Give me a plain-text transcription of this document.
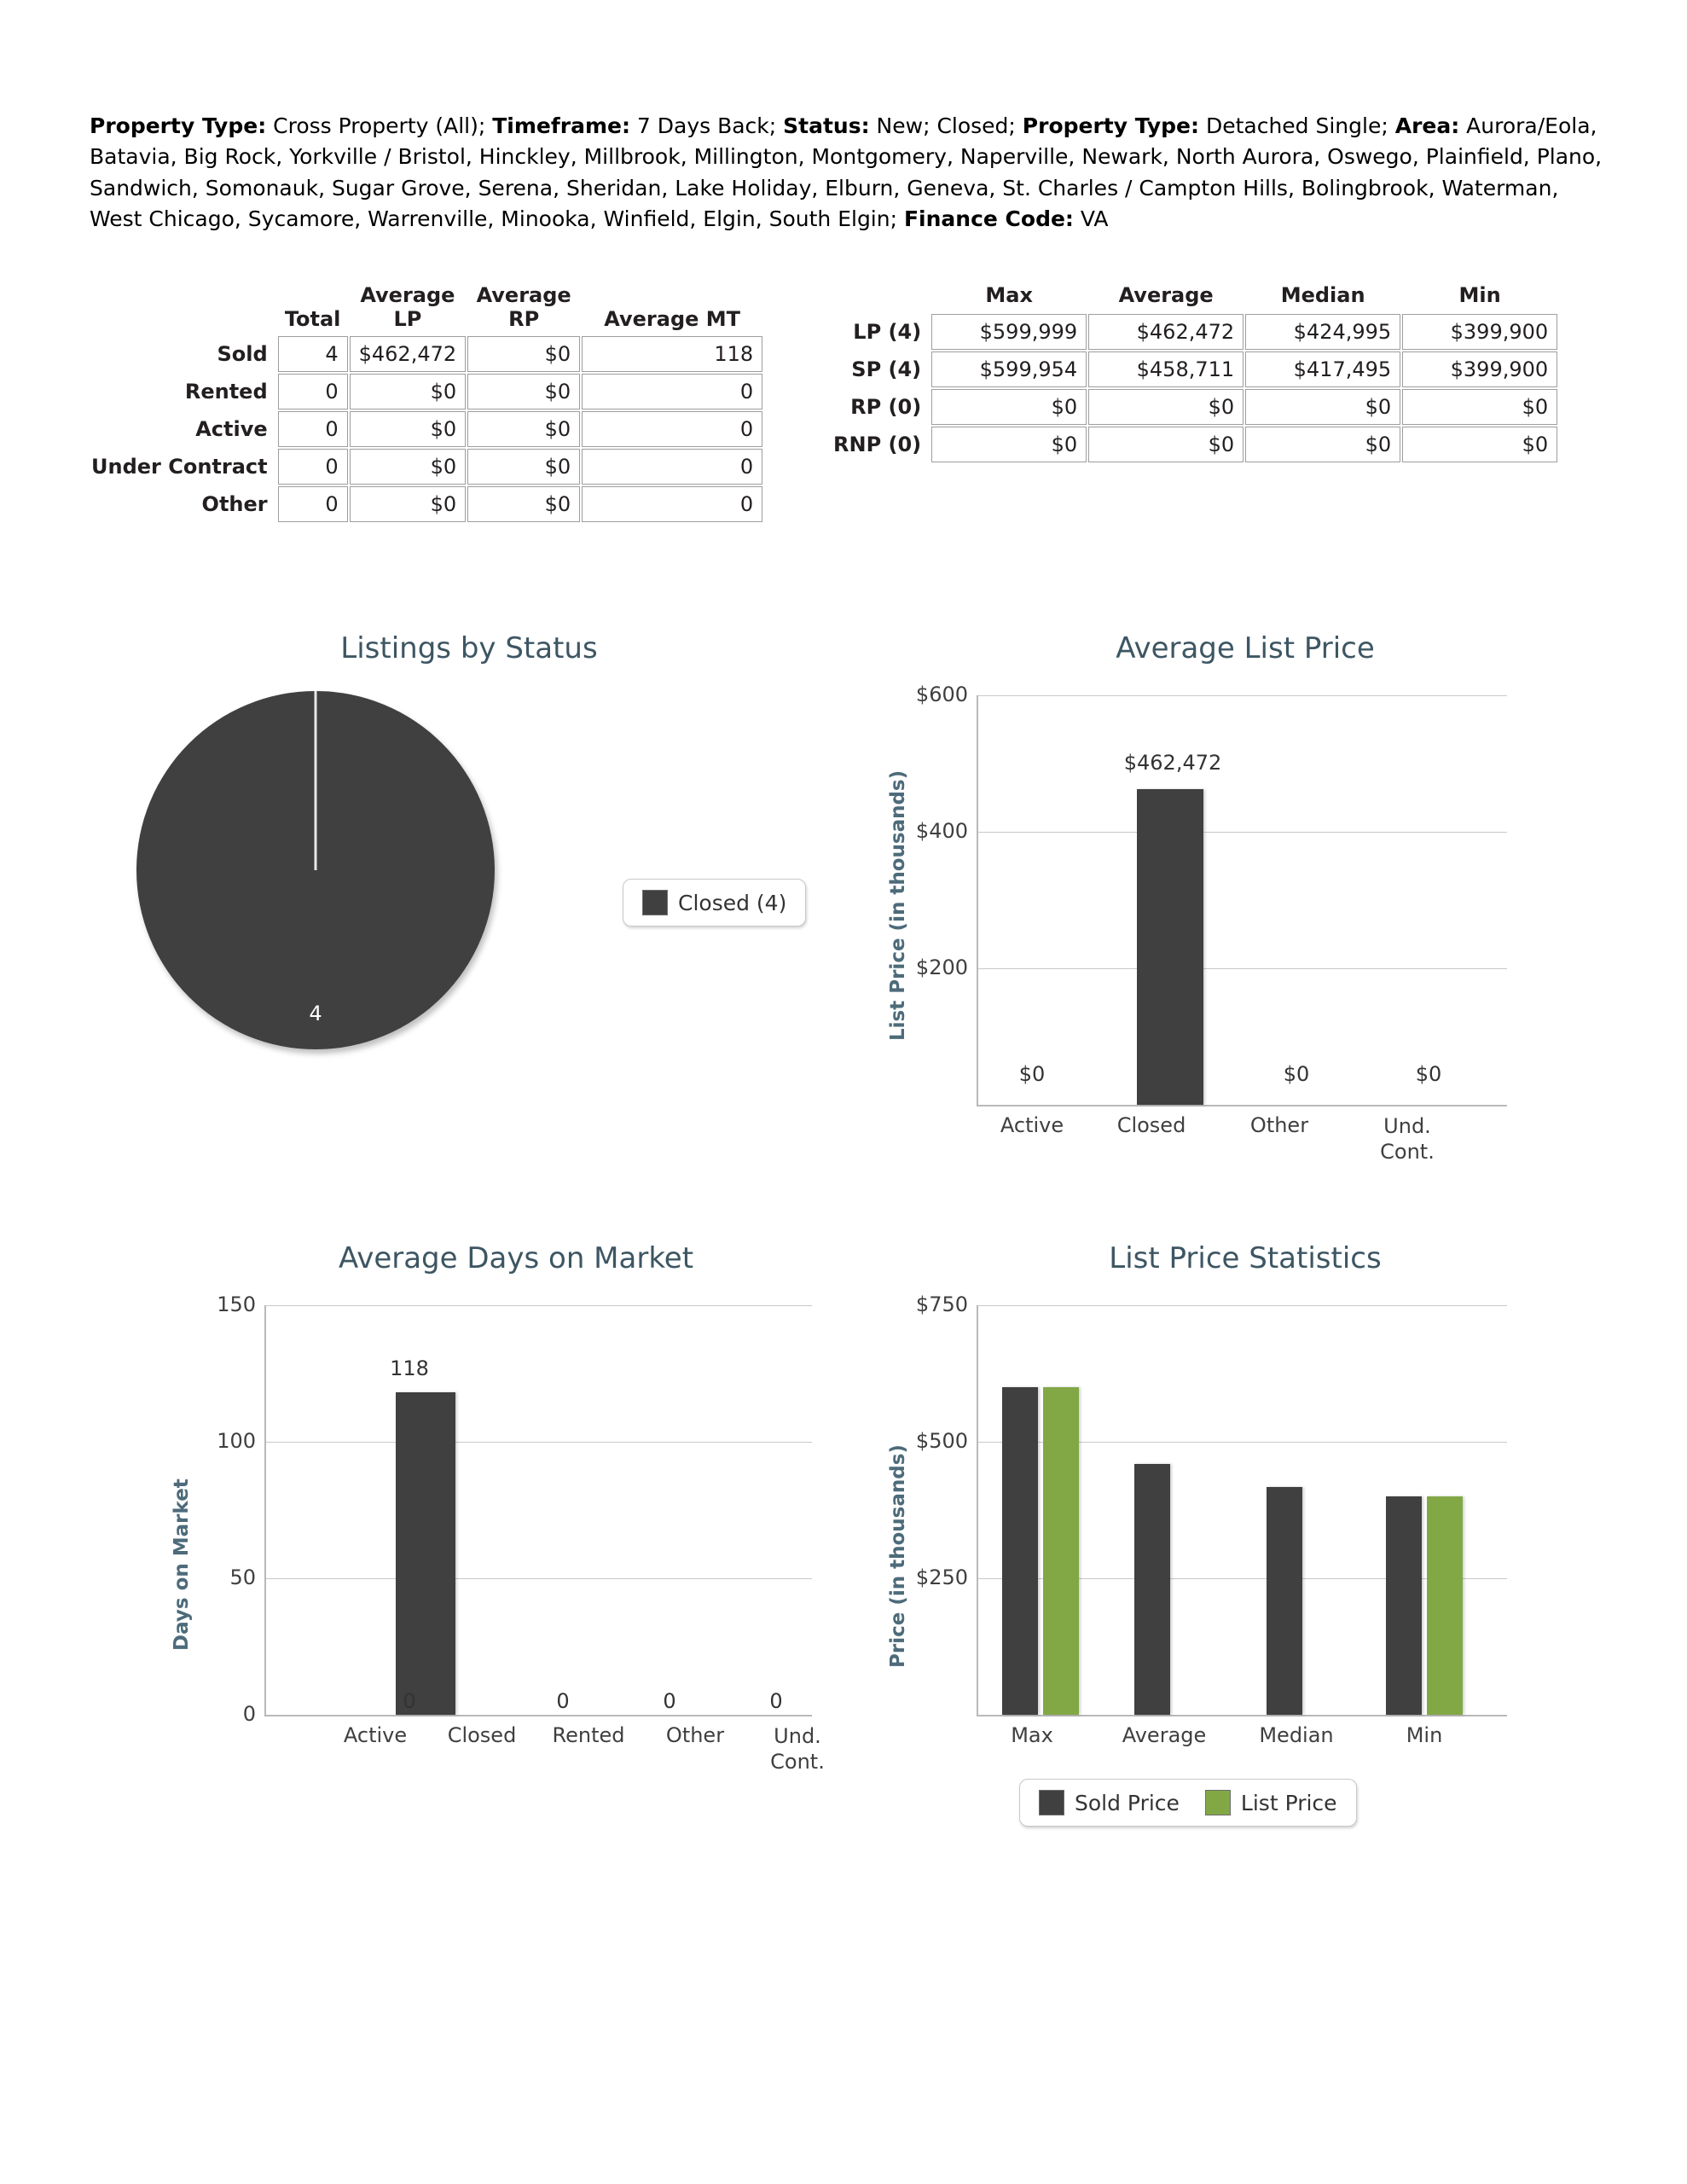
Property Type: Cross Property (All); Timeframe: 7 Days Back; Status: New; Closed; Property Type: Detached Single; Area: Aurora/Eola, Batavia, Big Rock, Yorkville / Bristol, Hinckley, Millbrook, Millington, Montgomery, Naperville, Newark, North Aurora, Oswego, Plainfield, Plano, Sandwich, Somonauk, Sugar Grove, Serena, Sheridan, Lake Holiday, Elburn, Geneva, St. Charles / Campton Hills, Bolingbrook, Waterman, West Chicago, Sycamore, Warrenville, Minooka, Winfield, Elgin, South Elgin; Finance Code: VA
	Total	Average LP	Average RP	Average MT
Sold	4	$462,472	$0	118
Rented	0	$0	$0	0
Active	0	$0	$0	0
Under Contract	0	$0	$0	0
Other	0	$0	$0	0
	Max	Average	Median	Min
LP (4)	$599,999	$462,472	$424,995	$399,900
SP (4)	$599,954	$458,711	$417,495	$399,900
RP (0)	$0	$0	$0	$0
RNP (0)	$0	$0	$0	$0
Listings by Status
4
Closed (4)
Average List Price
List Price (in thousands)
$600
$400
$200
$0
$462,472
$0	$0
Active	Closed	Other	Und.
Cont.
Average Days on Market
Days on Market
150
100
50
0
118
0	0	0	0
Active	Closed	Rented	Other	Und.
Cont.
List Price Statistics
Price (in thousands)
$750
$500
$250
Max	Average	Median	Min
Sold Price	List Price
